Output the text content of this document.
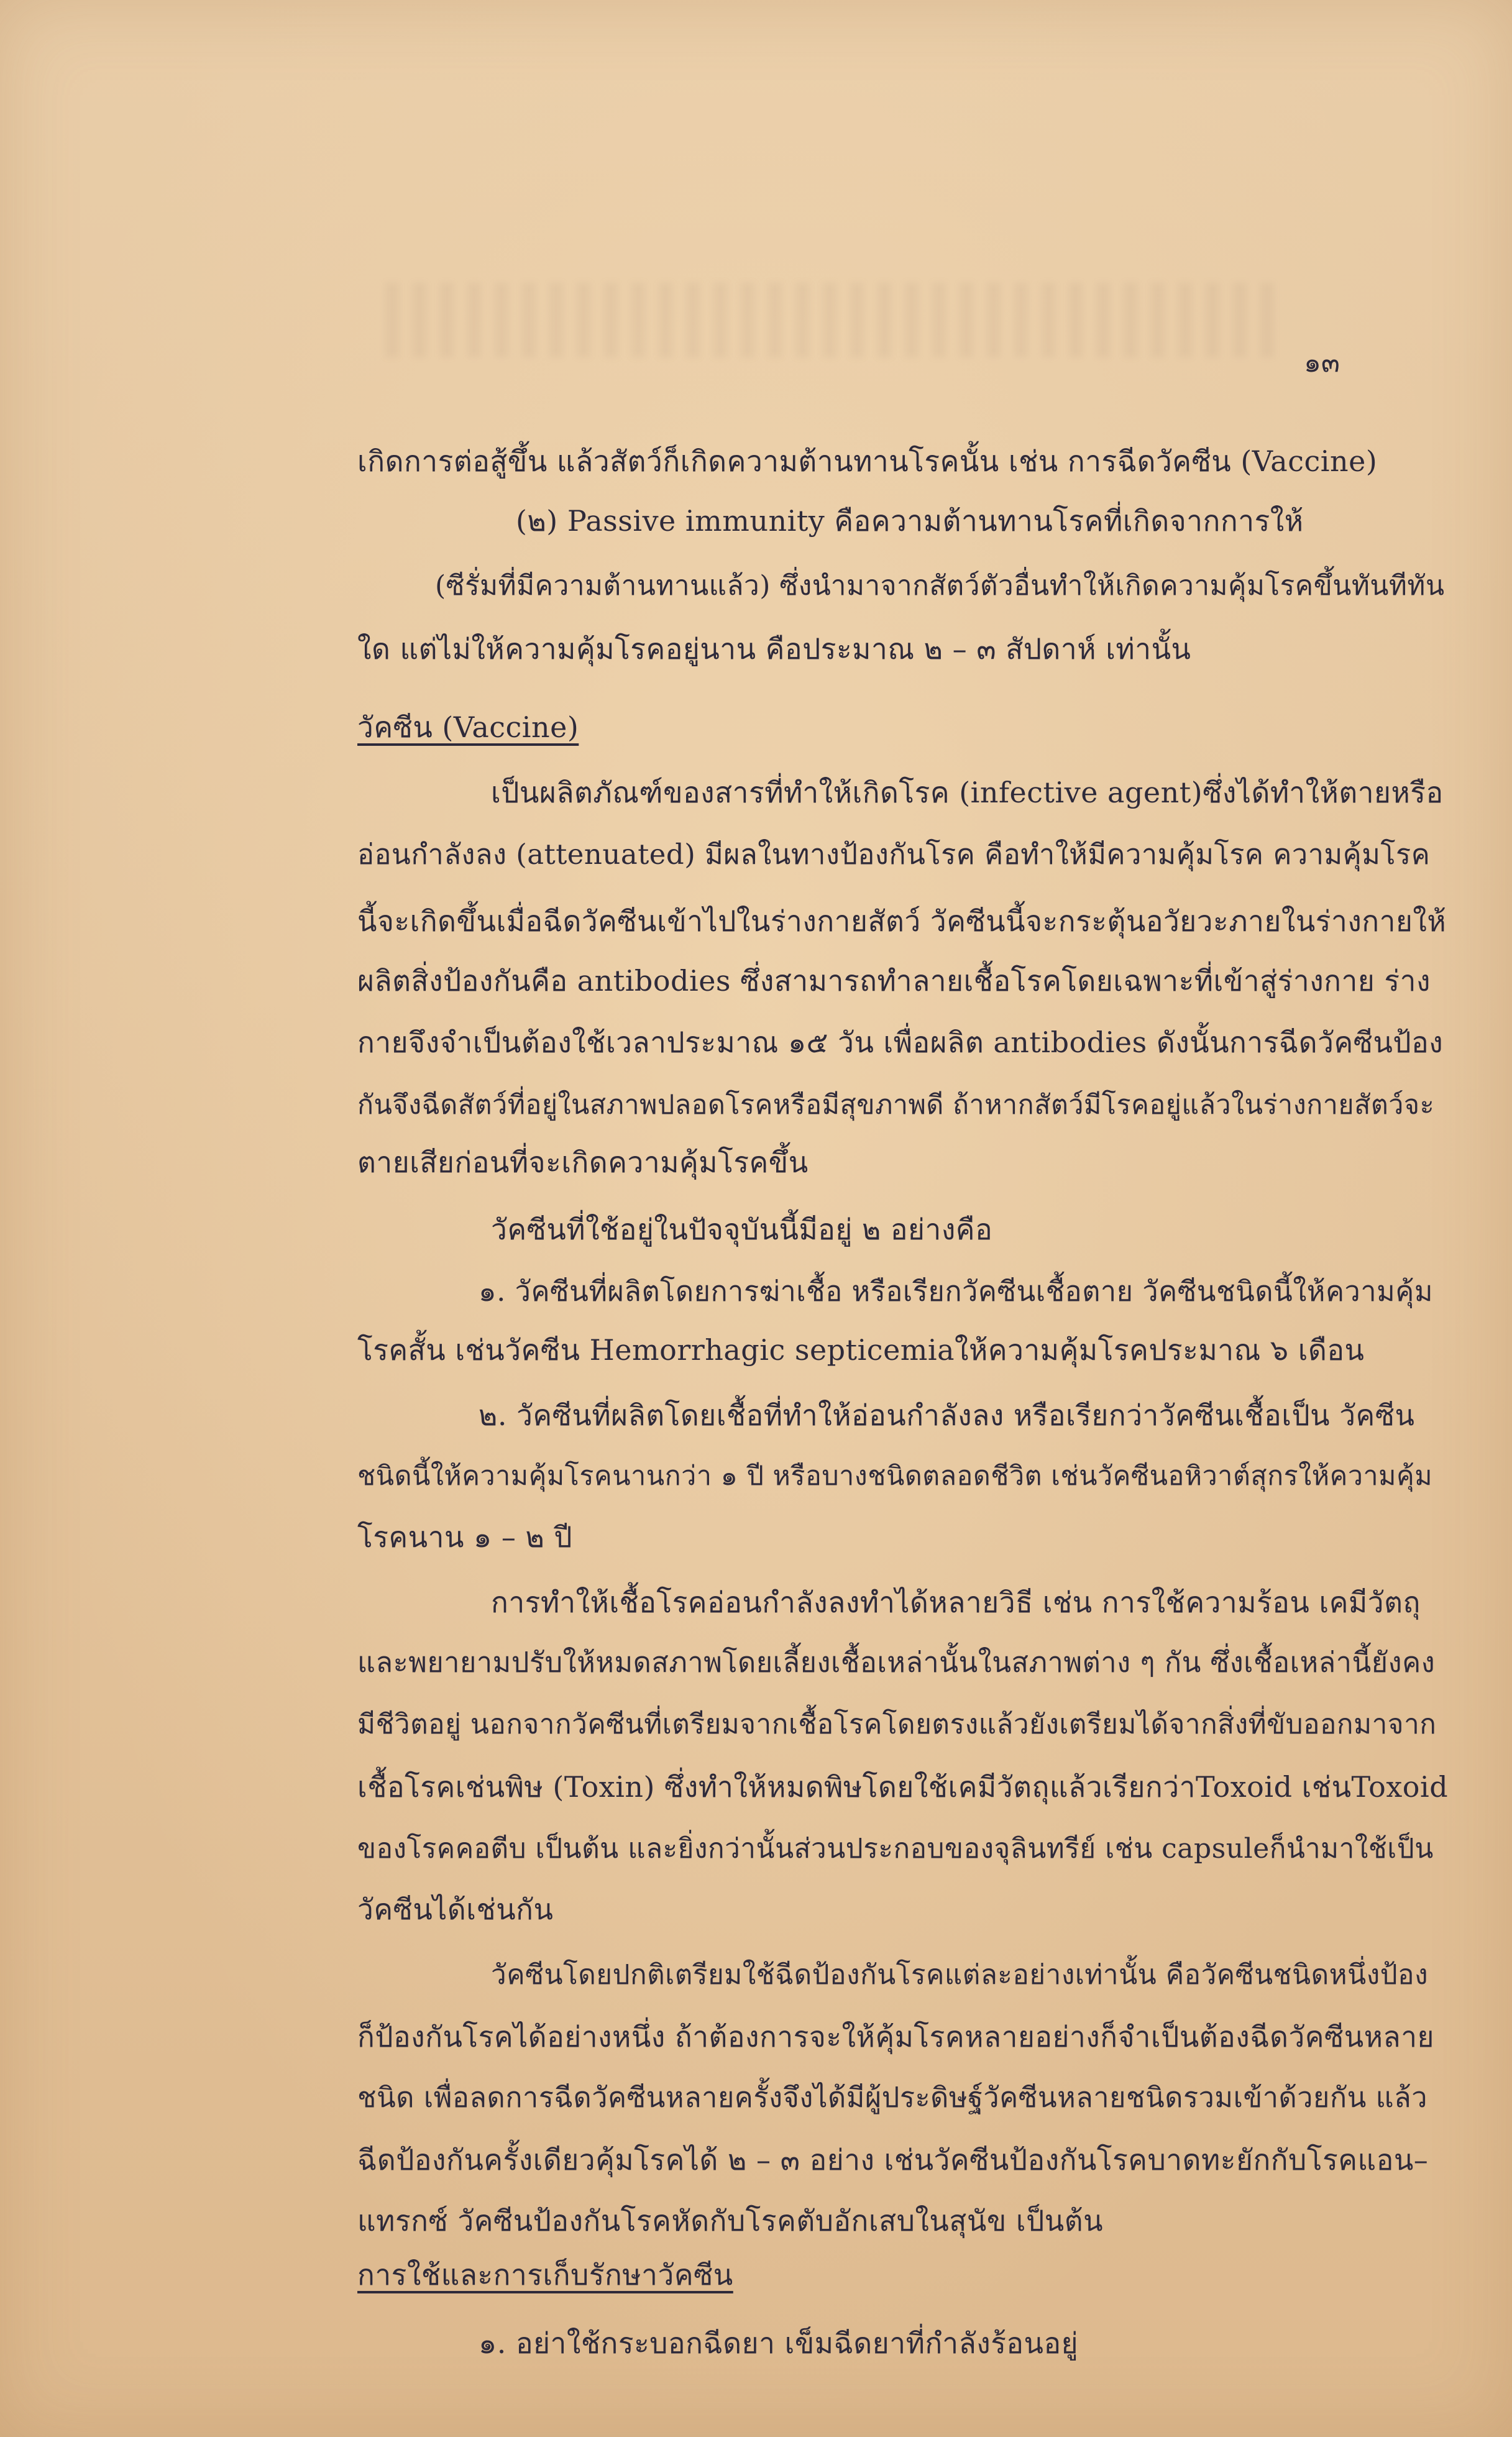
๑๓
เกิดการต่อสู้ขึ้น แล้วสัตว์ก็เกิดความต้านทานโรคนั้น เช่น การฉีดวัคซีน (Vaccine)
(๒) Passive immunity คือความต้านทานโรคที่เกิดจากการให้
(ซีรั่มที่มีความต้านทานแล้ว) ซึ่งนำมาจากสัตว์ตัวอื่นทำให้เกิดความคุ้มโรคขึ้นทันทีทัน
ใด แต่ไม่ให้ความคุ้มโรคอยู่นาน คือประมาณ ๒ – ๓ สัปดาห์ เท่านั้น
วัคซีน (Vaccine)
เป็นผลิตภัณฑ์ของสารที่ทำให้เกิดโรค (infective agent)ซึ่งได้ทำให้ตายหรือ
อ่อนกำลังลง (attenuated) มีผลในทางป้องกันโรค คือทำให้มีความคุ้มโรค ความคุ้มโรค
นี้จะเกิดขึ้นเมื่อฉีดวัคซีนเข้าไปในร่างกายสัตว์ วัคซีนนี้จะกระตุ้นอวัยวะภายในร่างกายให้
ผลิตสิ่งป้องกันคือ antibodies ซึ่งสามารถทำลายเชื้อโรคโดยเฉพาะที่เข้าสู่ร่างกาย ร่าง
กายจึงจำเป็นต้องใช้เวลาประมาณ ๑๕ วัน เพื่อผลิต antibodies ดังนั้นการฉีดวัคซีนป้อง
กันจึงฉีดสัตว์ที่อยู่ในสภาพปลอดโรคหรือมีสุขภาพดี ถ้าหากสัตว์มีโรคอยู่แล้วในร่างกายสัตว์จะ
ตายเสียก่อนที่จะเกิดความคุ้มโรคขึ้น
วัคซีนที่ใช้อยู่ในปัจจุบันนี้มีอยู่ ๒ อย่างคือ
๑. วัคซีนที่ผลิตโดยการฆ่าเชื้อ หรือเรียกวัคซีนเชื้อตาย วัคซีนชนิดนี้ให้ความคุ้ม
โรคสั้น เช่นวัคซีน Hemorrhagic septicemiaให้ความคุ้มโรคประมาณ ๖ เดือน
๒. วัคซีนที่ผลิตโดยเชื้อที่ทำให้อ่อนกำลังลง หรือเรียกว่าวัคซีนเชื้อเป็น วัคซีน
ชนิดนี้ให้ความคุ้มโรคนานกว่า ๑ ปี หรือบางชนิดตลอดชีวิต เช่นวัคซีนอหิวาต์สุกรให้ความคุ้ม
โรคนาน ๑ – ๒ ปี
การทำให้เชื้อโรคอ่อนกำลังลงทำได้หลายวิธี เช่น การใช้ความร้อน เคมีวัตถุ
และพยายามปรับให้หมดสภาพโดยเลี้ยงเชื้อเหล่านั้นในสภาพต่าง ๆ กัน ซึ่งเชื้อเหล่านี้ยังคง
มีชีวิตอยู่ นอกจากวัคซีนที่เตรียมจากเชื้อโรคโดยตรงแล้วยังเตรียมได้จากสิ่งที่ขับออกมาจาก
เชื้อโรคเช่นพิษ (Toxin) ซึ่งทำให้หมดพิษโดยใช้เคมีวัตถุแล้วเรียกว่าToxoid เช่นToxoid
ของโรคคอตีบ เป็นต้น และยิ่งกว่านั้นส่วนประกอบของจุลินทรีย์ เช่น capsuleก็นำมาใช้เป็น
วัคซีนได้เช่นกัน
วัคซีนโดยปกติเตรียมใช้ฉีดป้องกันโรคแต่ละอย่างเท่านั้น คือวัคซีนชนิดหนึ่งป้อง
ก็ป้องกันโรคได้อย่างหนึ่ง ถ้าต้องการจะให้คุ้มโรคหลายอย่างก็จำเป็นต้องฉีดวัคซีนหลาย
ชนิด เพื่อลดการฉีดวัคซีนหลายครั้งจึงได้มีผู้ประดิษฐ์วัคซีนหลายชนิดรวมเข้าด้วยกัน แล้ว
ฉีดป้องกันครั้งเดียวคุ้มโรคได้ ๒ – ๓ อย่าง เช่นวัคซีนป้องกันโรคบาดทะยักกับโรคแอน–
แทรกซ์ วัคซีนป้องกันโรคหัดกับโรคตับอักเสบในสุนัข เป็นต้น
การใช้และการเก็บรักษาวัคซีน
๑. อย่าใช้กระบอกฉีดยา เข็มฉีดยาที่กำลังร้อนอยู่
